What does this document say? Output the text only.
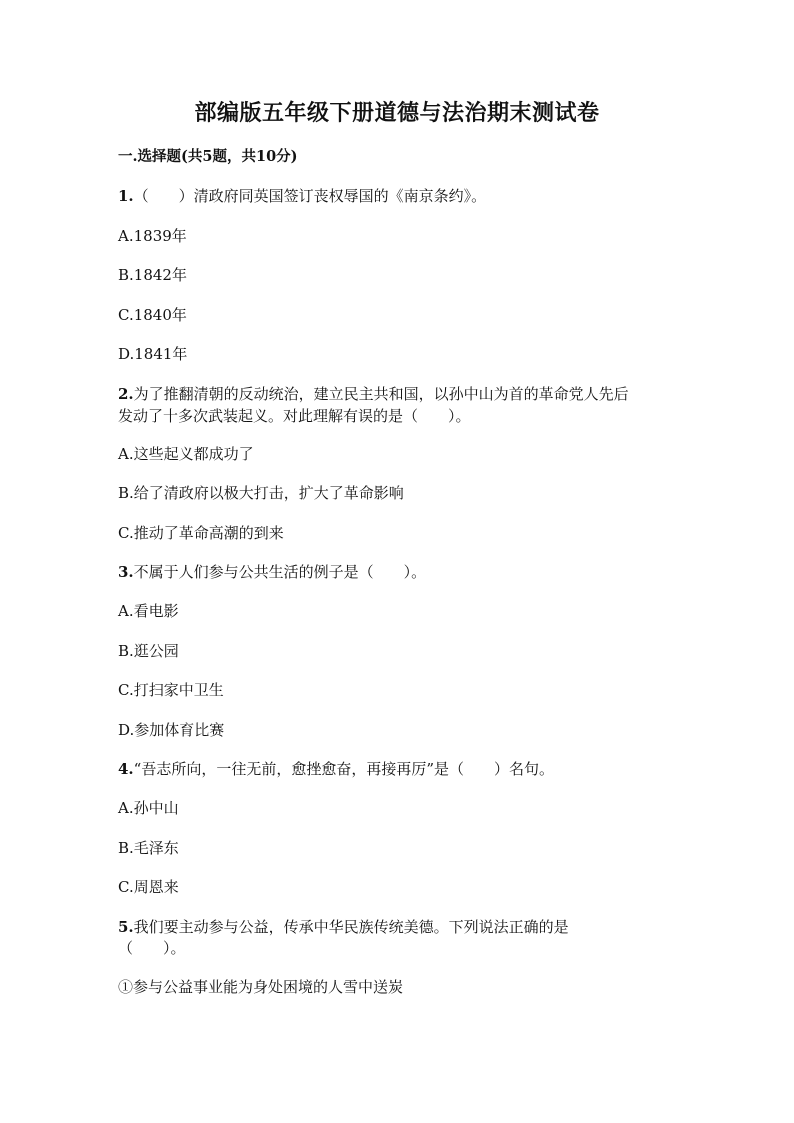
部编版五年级下册道德与法治期末测试卷
一.选择题(共5题，共10分)
1.（　　）清政府同英国签订丧权辱国的《南京条约》。
A.1839年
B.1842年
C.1840年
D.1841年
2.为了推翻清朝的反动统治，建立民主共和国，以孙中山为首的革命党人先后
发动了十多次武装起义。对此理解有误的是（　　）。
A.这些起义都成功了
B.给了清政府以极大打击，扩大了革命影响
C.推动了革命高潮的到来
3.不属于人们参与公共生活的例子是（　　）。
A.看电影
B.逛公园
C.打扫家中卫生
D.参加体育比赛
4.“吾志所向，一往无前，愈挫愈奋，再接再厉”是（　　）名句。
A.孙中山
B.毛泽东
C.周恩来
5.我们要主动参与公益，传承中华民族传统美德。下列说法正确的是
（　　）。
①参与公益事业能为身处困境的人雪中送炭
